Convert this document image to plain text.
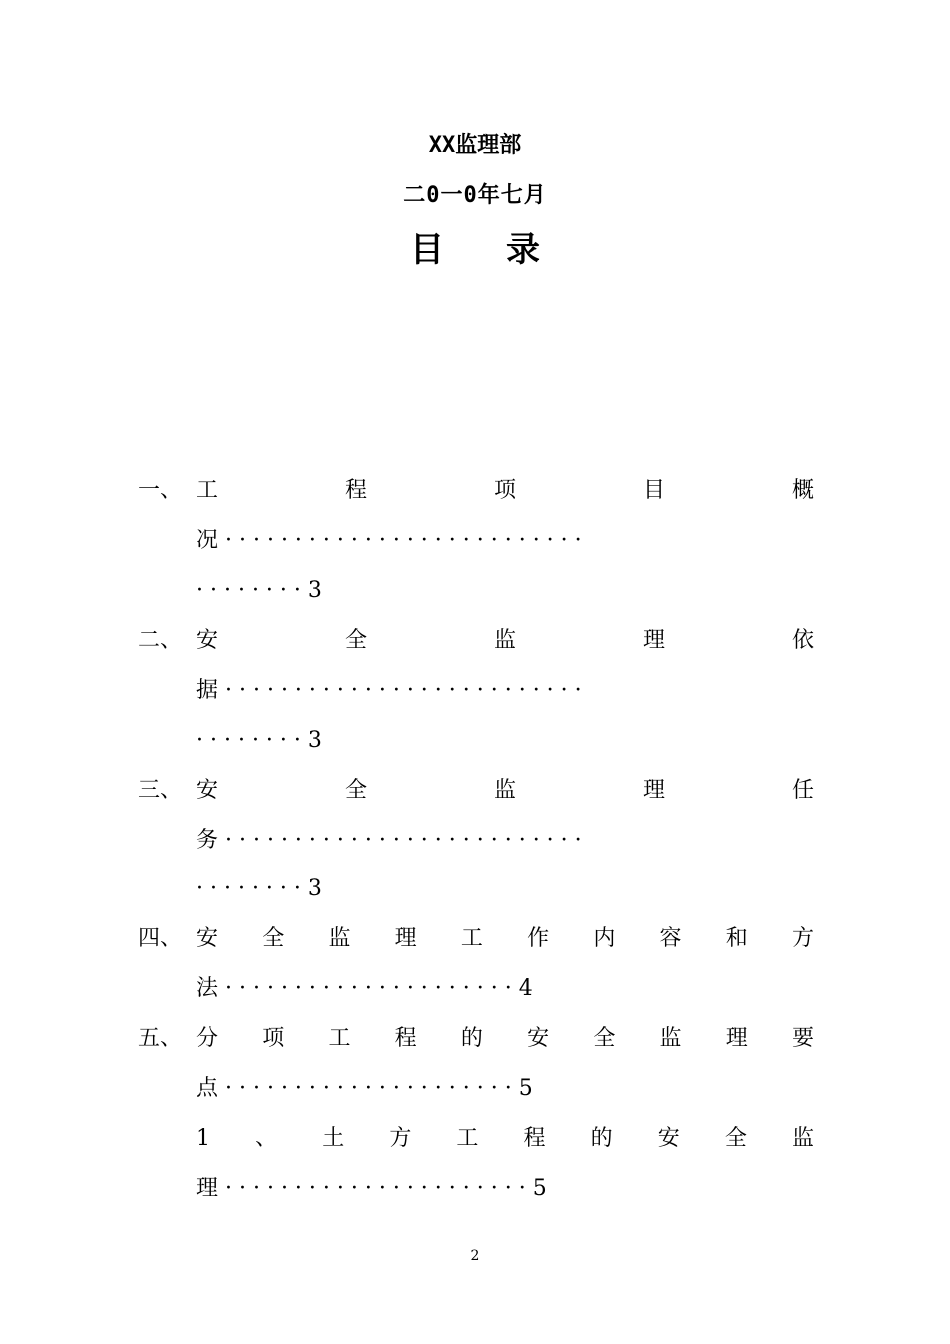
XX监理部
二0一0年七月
目 录
一、 工	程	项	目	概
况 · · · · · · · · · · · · · · · · · · · · · · · · · ·
· · · · · · · · 3
二、 安	全	监	理	依
据 · · · · · · · · · · · · · · · · · · · · · · · · · ·
· · · · · · · · 3
三、 安	全	监	理	任
务 · · · · · · · · · · · · · · · · · · · · · · · · · ·
· · · · · · · · 3
四、 安 全 监 理 工 作 内 容 和 方
法 · · · · · · · · · · · · · · · · · · · · · 4
五、 分 项 工 程 的 安 全 监 理 要
点 · · · · · · · · · · · · · · · · · · · · · 5
1 、 土 方 工 程 的 安 全 监
理 · · · · · · · · · · · · · · · · · · · · · · 5
2
